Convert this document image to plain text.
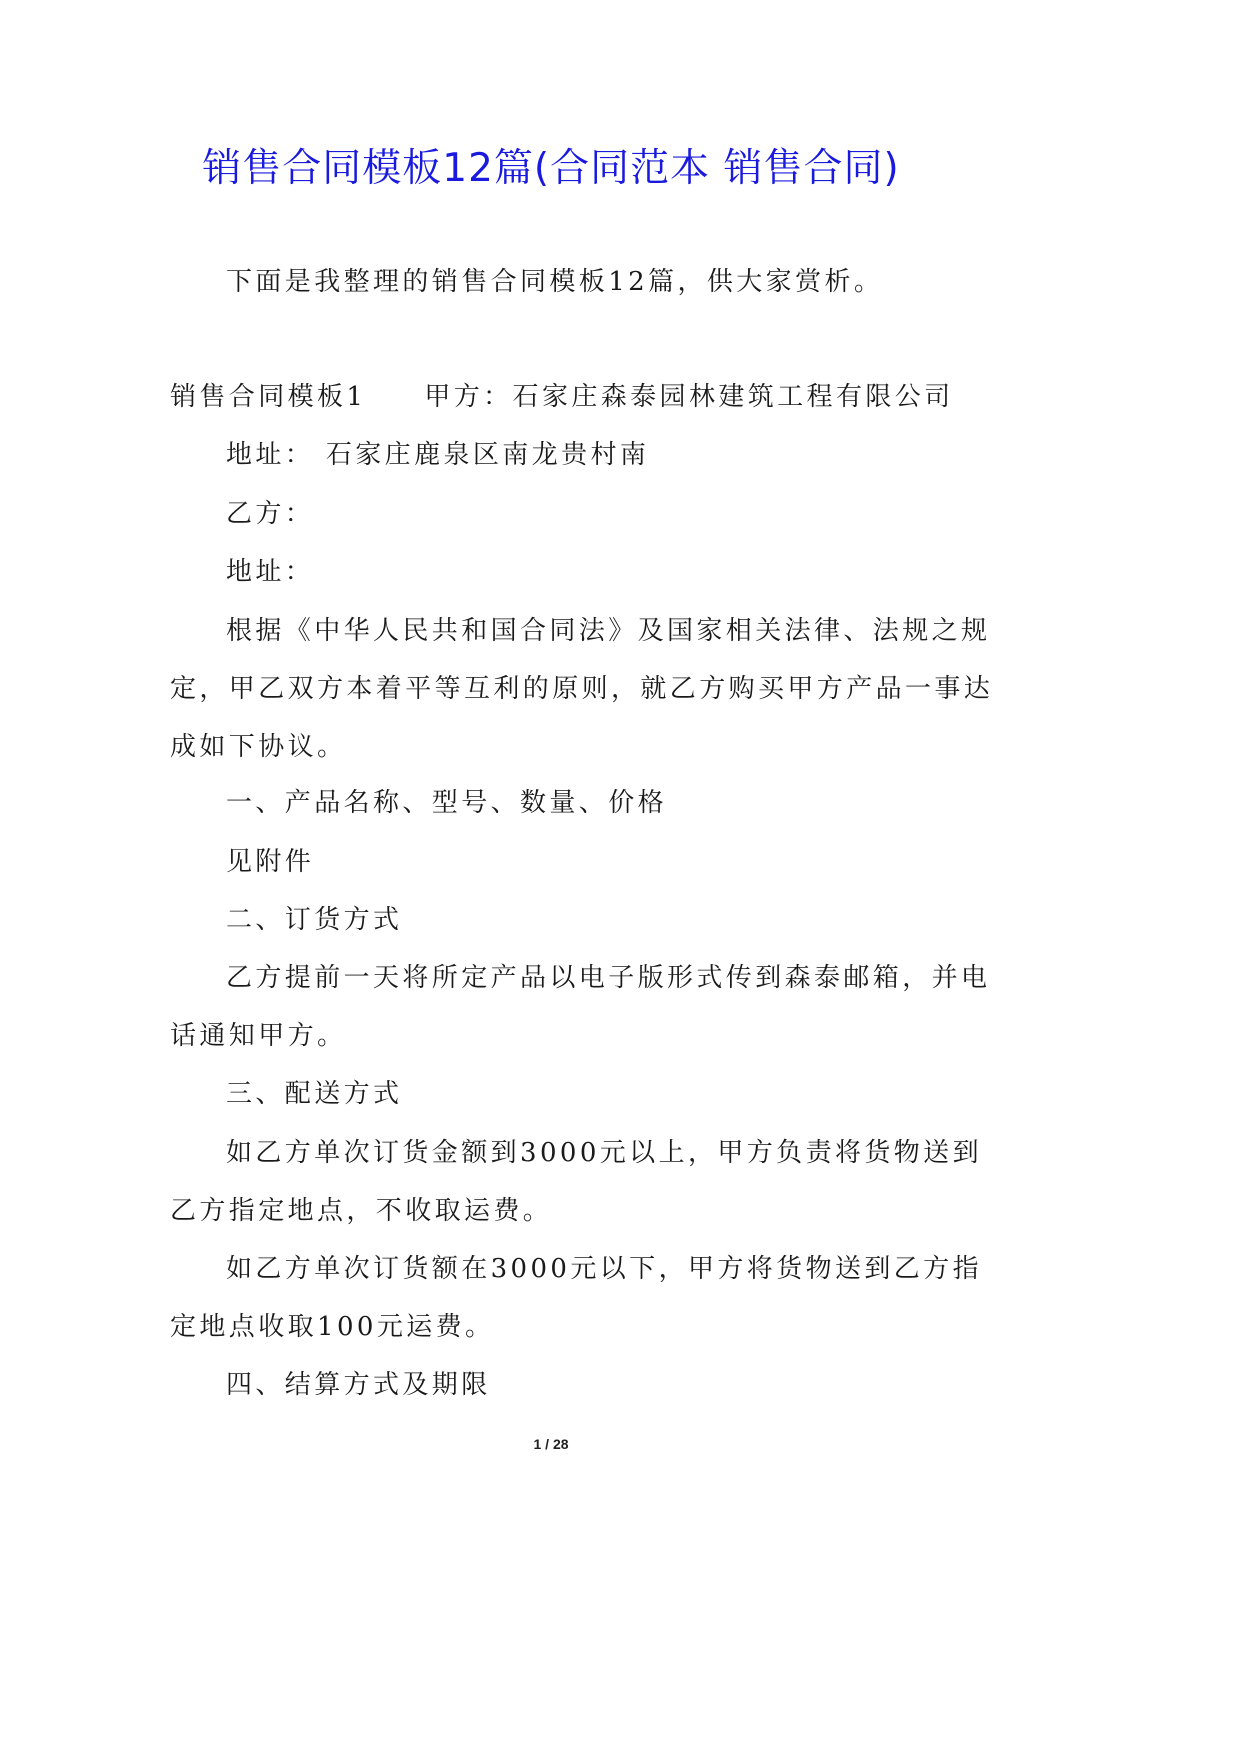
销售合同模板12篇(合同范本 销售合同)

下面是我整理的销售合同模板12篇，供大家赏析。

销售合同模板1 甲方：石家庄森泰园林建筑工程有限公司

地址： 石家庄鹿泉区南龙贵村南

乙方：

地址：

根据《中华人民共和国合同法》及国家相关法律、法规之规

定，甲乙双方本着平等互利的原则，就乙方购买甲方产品一事达

成如下协议。

一、产品名称、型号、数量、价格

见附件

二、订货方式

乙方提前一天将所定产品以电子版形式传到森泰邮箱，并电

话通知甲方。

三、配送方式

如乙方单次订货金额到3000元以上，甲方负责将货物送到

乙方指定地点，不收取运费。

如乙方单次订货额在3000元以下，甲方将货物送到乙方指

定地点收取100元运费。

四、结算方式及期限

1 / 28
